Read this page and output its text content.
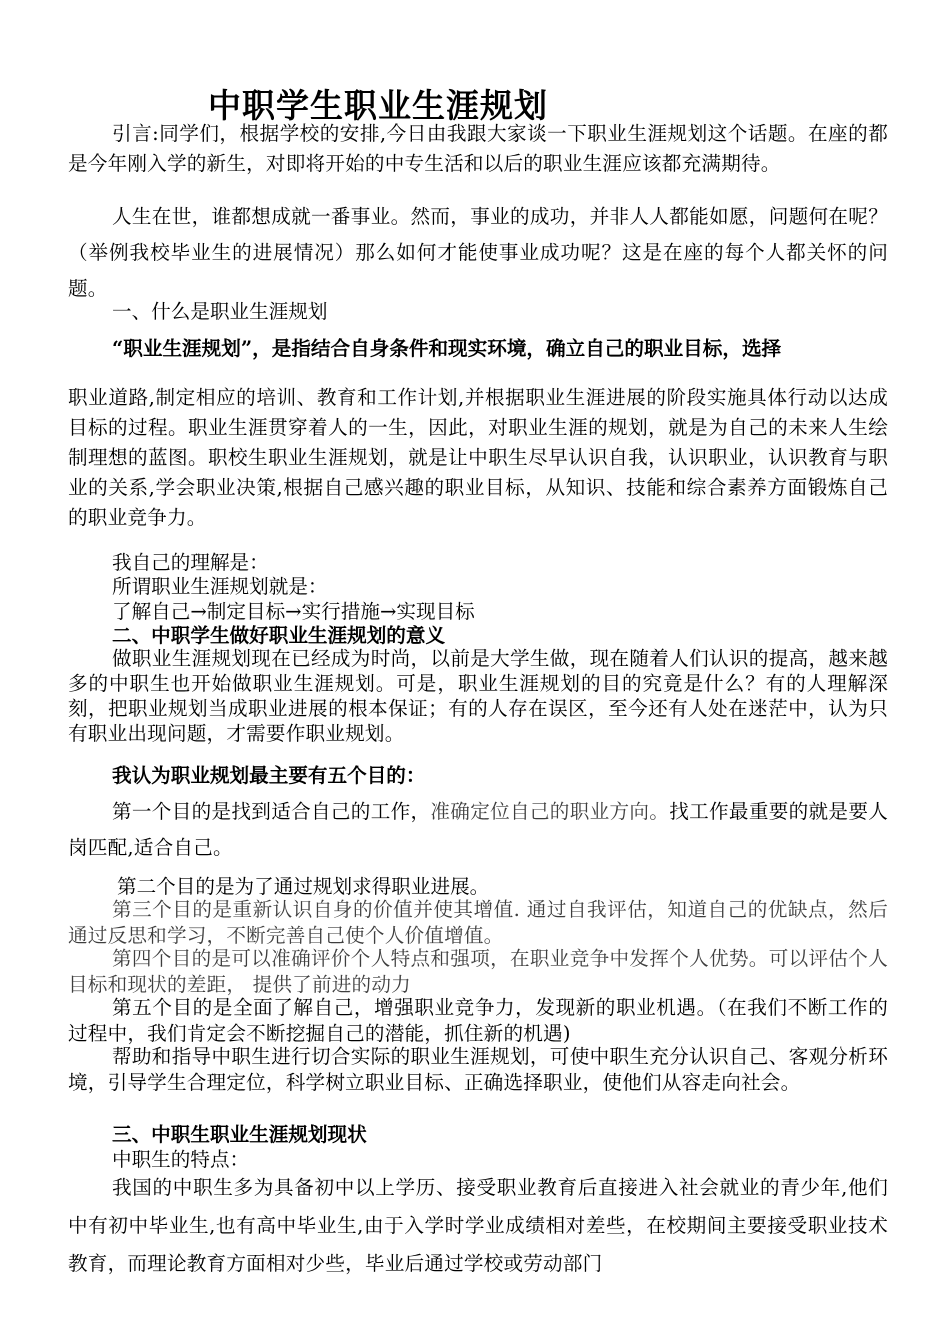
中职学生职业生涯规划

引言:同学们，根据学校的安排,今日由我跟大家谈一下职业生涯规划这个话题。在座的都是今年刚入学的新生，对即将开始的中专生活和以后的职业生涯应该都充满期待。

人生在世，谁都想成就一番事业。然而，事业的成功，并非人人都能如愿，问题何在呢？（举例我校毕业生的进展情况）那么如何才能使事业成功呢？这是在座的每个人都关怀的问题。

一、什么是职业生涯规划

“职业生涯规划”，是指结合自身条件和现实环境，确立自己的职业目标，选择

职业道路,制定相应的培训、教育和工作计划,并根据职业生涯进展的阶段实施具体行动以达成目标的过程。职业生涯贯穿着人的一生，因此，对职业生涯的规划，就是为自己的未来人生绘制理想的蓝图。职校生职业生涯规划，就是让中职生尽早认识自我，认识职业，认识教育与职业的关系,学会职业决策,根据自己感兴趣的职业目标，从知识、技能和综合素养方面锻炼自己的职业竞争力。

我自己的理解是：

所谓职业生涯规划就是：

了解自己→制定目标→实行措施→实现目标

二、中职学生做好职业生涯规划的意义

做职业生涯规划现在已经成为时尚，以前是大学生做，现在随着人们认识的提高，越来越多的中职生也开始做职业生涯规划。可是，职业生涯规划的目的究竟是什么？有的人理解深刻，把职业规划当成职业进展的根本保证；有的人存在误区，至今还有人处在迷茫中，认为只有职业出现问题，才需要作职业规划。

我认为职业规划最主要有五个目的：

第一个目的是找到适合自己的工作，准确定位自己的职业方向。找工作最重要的就是要人岗匹配,适合自己。

第二个目的是为了通过规划求得职业进展。

第三个目的是重新认识自身的价值并使其增值. 通过自我评估，知道自己的优缺点，然后通过反思和学习，不断完善自己使个人价值增值。

第四个目的是可以准确评价个人特点和强项，在职业竞争中发挥个人优势。可以评估个人目标和现状的差距， 提供了前进的动力

第五个目的是全面了解自己，增强职业竞争力，发现新的职业机遇。（在我们不断工作的过程中，我们肯定会不断挖掘自己的潜能，抓住新的机遇)

帮助和指导中职生进行切合实际的职业生涯规划，可使中职生充分认识自己、客观分析环境，引导学生合理定位，科学树立职业目标、正确选择职业，使他们从容走向社会。

三、中职生职业生涯规划现状

中职生的特点：

我国的中职生多为具备初中以上学历、接受职业教育后直接进入社会就业的青少年,他们中有初中毕业生,也有高中毕业生,由于入学时学业成绩相对差些，在校期间主要接受职业技术教育，而理论教育方面相对少些，毕业后通过学校或劳动部门
